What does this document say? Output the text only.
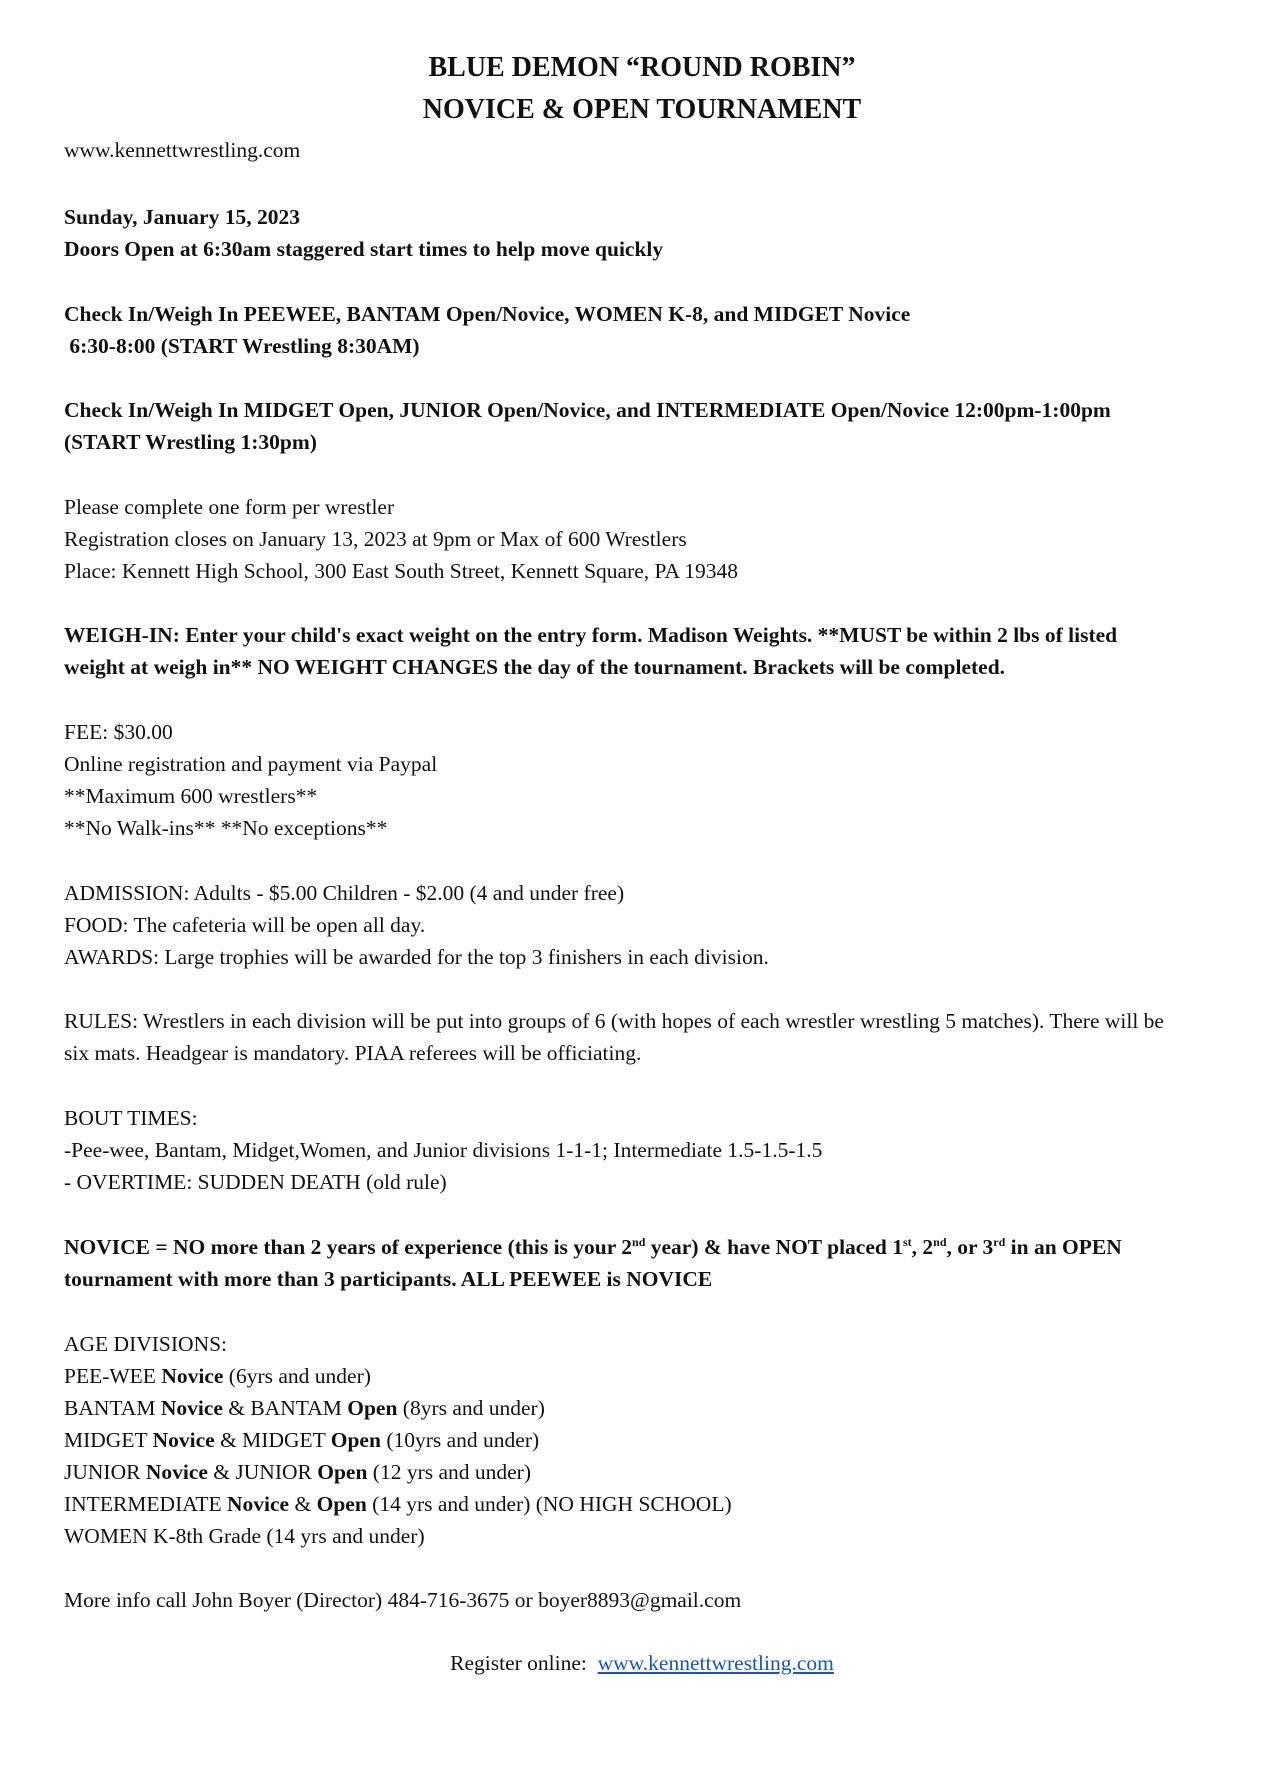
BLUE DEMON “ROUND ROBIN”
NOVICE & OPEN TOURNAMENT
www.kennettwrestling.com
Sunday, January 15, 2023
Doors Open at 6:30am staggered start times to help move quickly
Check In/Weigh In PEEWEE, BANTAM Open/Novice, WOMEN K-8, and MIDGET Novice
6:30-8:00 (START Wrestling 8:30AM)
Check In/Weigh In MIDGET Open, JUNIOR Open/Novice, and INTERMEDIATE Open/Novice 12:00pm-1:00pm
(START Wrestling 1:30pm)
Please complete one form per wrestler
Registration closes on January 13, 2023 at 9pm or Max of 600 Wrestlers
Place: Kennett High School, 300 East South Street, Kennett Square, PA 19348
WEIGH-IN: Enter your child's exact weight on the entry form. Madison Weights. **MUST be within 2 lbs of listed
weight at weigh in** NO WEIGHT CHANGES the day of the tournament. Brackets will be completed.
FEE: $30.00
Online registration and payment via Paypal
**Maximum 600 wrestlers**
**No Walk-ins** **No exceptions**
ADMISSION: Adults - $5.00 Children - $2.00 (4 and under free)
FOOD: The cafeteria will be open all day.
AWARDS: Large trophies will be awarded for the top 3 finishers in each division.
RULES: Wrestlers in each division will be put into groups of 6 (with hopes of each wrestler wrestling 5 matches). There will be
six mats. Headgear is mandatory. PIAA referees will be officiating.
BOUT TIMES:
-Pee-wee, Bantam, Midget,Women, and Junior divisions 1-1-1; Intermediate 1.5-1.5-1.5
- OVERTIME: SUDDEN DEATH (old rule)
NOVICE = NO more than 2 years of experience (this is your 2nd year) & have NOT placed 1st, 2nd, or 3rd in an OPEN
tournament with more than 3 participants. ALL PEEWEE is NOVICE
AGE DIVISIONS:
PEE-WEE Novice (6yrs and under)
BANTAM Novice & BANTAM Open (8yrs and under)
MIDGET Novice & MIDGET Open (10yrs and under)
JUNIOR Novice & JUNIOR Open (12 yrs and under)
INTERMEDIATE Novice & Open (14 yrs and under) (NO HIGH SCHOOL)
WOMEN K-8th Grade (14 yrs and under)
More info call John Boyer (Director) 484-716-3675 or boyer8893@gmail.com
Register online:  www.kennettwrestling.com
